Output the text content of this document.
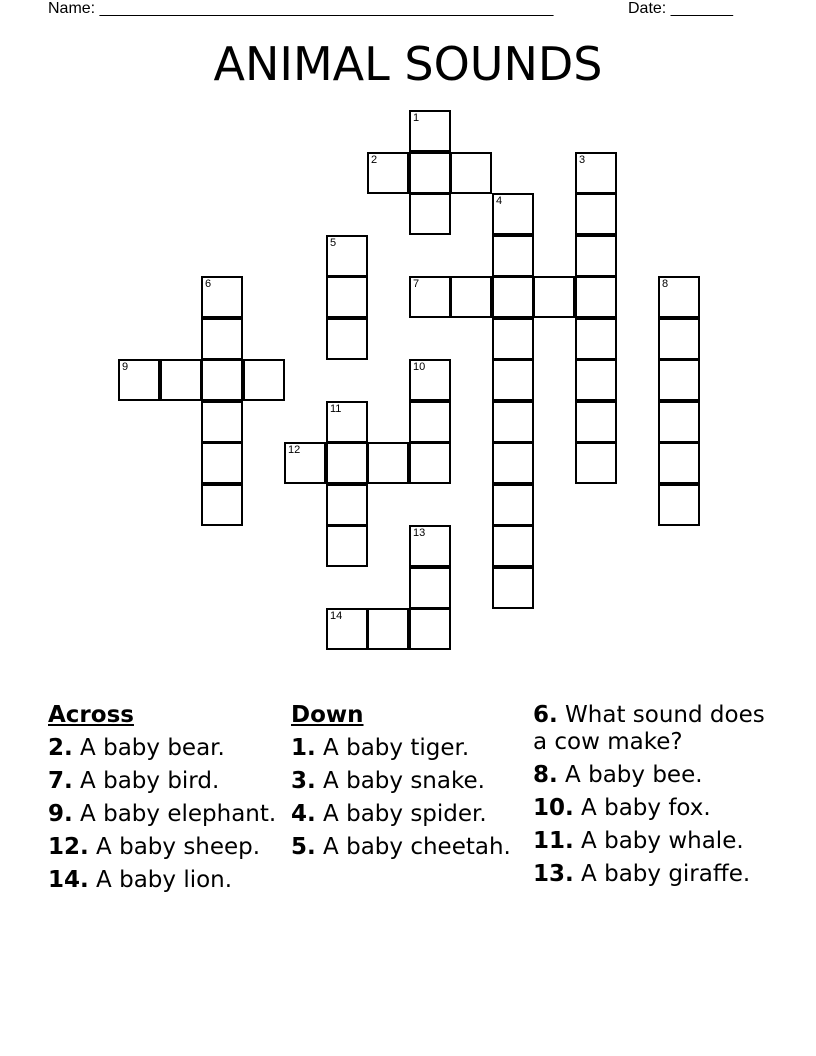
Name: ___________________________________________________	Date: _______
ANIMAL SOUNDS
1
2	3
4
5
6	7	8
9	10
11
12
13
14
Across
2. A baby bear.
7. A baby bird.
9. A baby elephant.
12. A baby sheep.
14. A baby lion.
Down
1. A baby tiger.
3. A baby snake.
4. A baby spider.
5. A baby cheetah.
6. What sound does a cow make?
8. A baby bee.
10. A baby fox.
11. A baby whale.
13. A baby giraffe.
